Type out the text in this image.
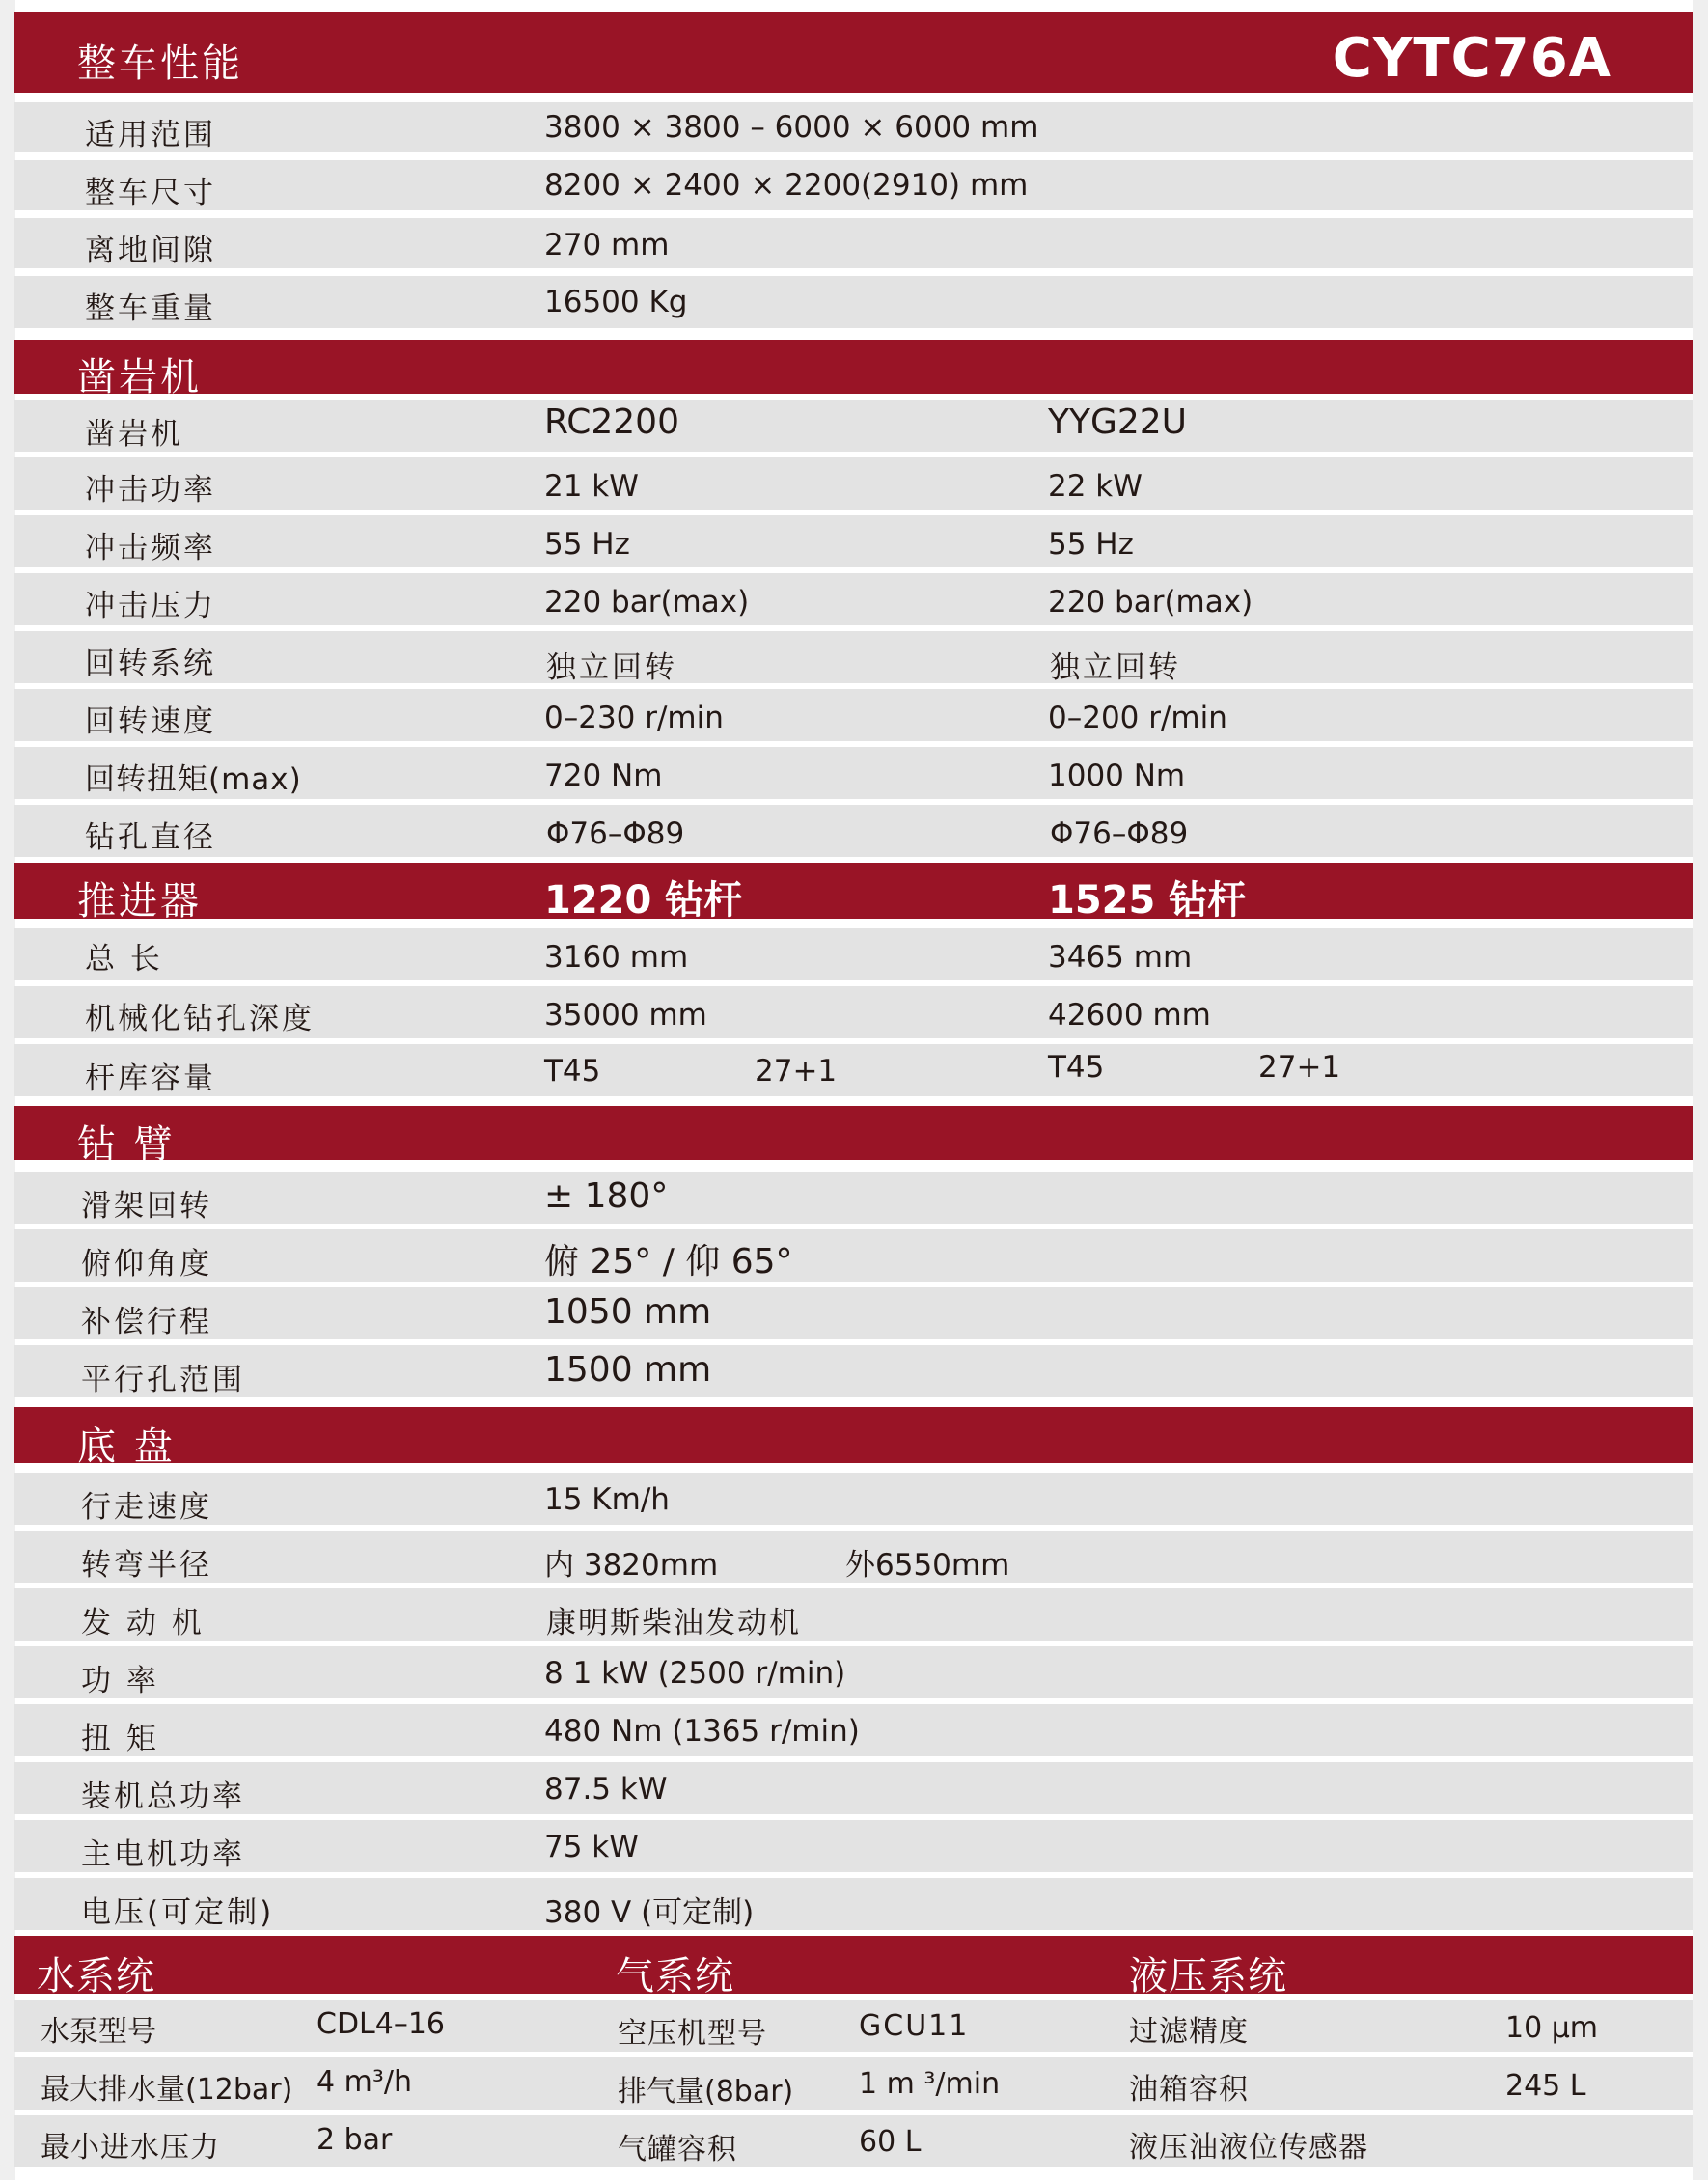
整车性能	CYTC76A
适用范围	3800 × 3800 – 6000 × 6000 mm
整车尺寸	8200 × 2400 × 2200(2910) mm
离地间隙	270 mm
整车重量	16500 Kg
凿岩机
凿岩机	RC2200	YYG22U
冲击功率	21 kW	22 kW
冲击频率	55 Hz	55 Hz
冲击压力	220 bar(max)	220 bar(max)
回转系统	独立回转	独立回转
回转速度	0–230 r/min	0–200 r/min
回转扭矩(max)	720 Nm	1000 Nm
钻孔直径	Φ76–Φ89	Φ76–Φ89
推进器	1220 钻杆	1525 钻杆
总 长	3160 mm	3465 mm
机械化钻孔深度	35000 mm	42600 mm
杆库容量	T45	27+1	T45	27+1
钻 臂
滑架回转	± 180°
俯仰角度	俯 25° / 仰 65°
补偿行程	1050 mm
平行孔范围	1500 mm
底 盘
行走速度	15 Km/h
转弯半径	内 3820mm	外6550mm
发 动 机	康明斯柴油发动机
功 率	8 1 kW (2500 r/min)
扭 矩	480 Nm (1365 r/min)
装机总功率	87.5 kW
主电机功率	75 kW
电压(可定制)	380 V (可定制)
水系统	气系统	液压系统
水泵型号	CDL4–16	空压机型号	GCU11	过滤精度	10 μm
最大排水量(12bar) 4 m³/h	排气量(8bar) 1 m ³/min	油箱容积	245 L
最小进水压力	2 bar	气罐容积	60 L	液压油液位传感器
